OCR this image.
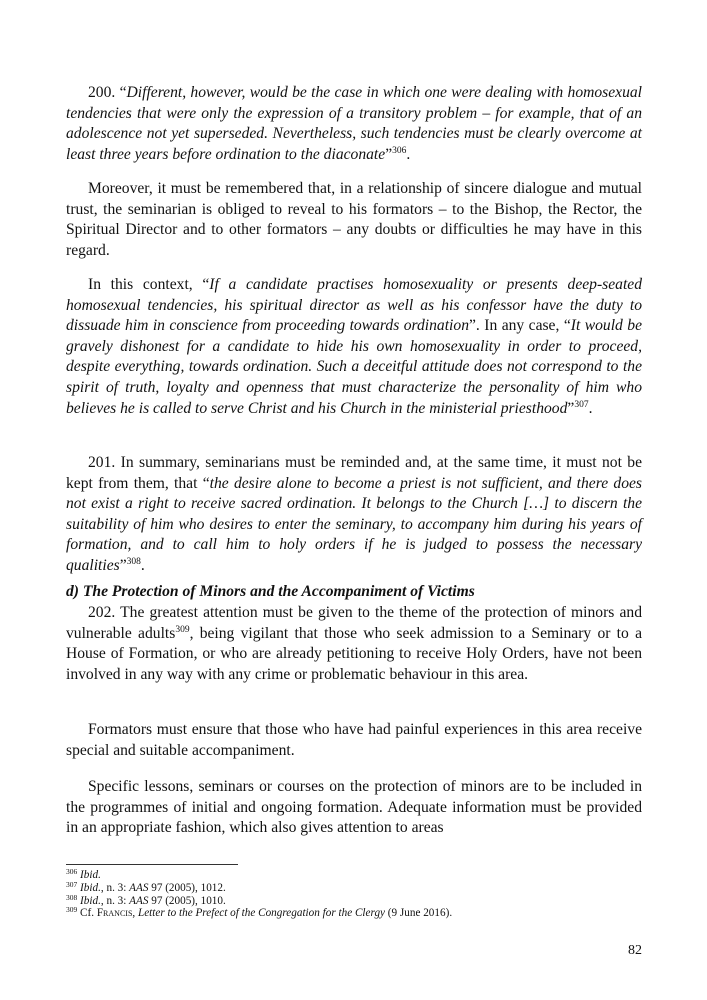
200. “Different, however, would be the case in which one were dealing with homosexual tendencies that were only the expression of a transitory problem – for example, that of an adolescence not yet superseded. Nevertheless, such tendencies must be clearly overcome at least three years before ordination to the diaconate”$^{306}$.

Moreover, it must be remembered that, in a relationship of sincere dialogue and mutual trust, the seminarian is obliged to reveal to his formators – to the Bishop, the Rector, the Spiritual Director and to other formators – any doubts or difficulties he may have in this regard.

In this context, “If a candidate practises homosexuality or presents deep-seated homosexual tendencies, his spiritual director as well as his confessor have the duty to dissuade him in conscience from proceeding towards ordination”. In any case, “It would be gravely dishonest for a candidate to hide his own homosexuality in order to proceed, despite everything, towards ordination. Such a deceitful attitude does not correspond to the spirit of truth, loyalty and openness that must characterize the personality of him who believes he is called to serve Christ and his Church in the ministerial priesthood”$^{307}$.

201. In summary, seminarians must be reminded and, at the same time, it must not be kept from them, that “the desire alone to become a priest is not sufficient, and there does not exist a right to receive sacred ordination. It belongs to the Church […] to discern the suitability of him who desires to enter the seminary, to accompany him during his years of formation, and to call him to holy orders if he is judged to possess the necessary qualities”$^{308}$.

d) The Protection of Minors and the Accompaniment of Victims

202. The greatest attention must be given to the theme of the protection of minors and vulnerable adults$^{309}$, being vigilant that those who seek admission to a Seminary or to a House of Formation, or who are already petitioning to receive Holy Orders, have not been involved in any way with any crime or problematic behaviour in this area.

Formators must ensure that those who have had painful experiences in this area receive special and suitable accompaniment.

Specific lessons, seminars or courses on the protection of minors are to be included in the programmes of initial and ongoing formation. Adequate information must be provided in an appropriate fashion, which also gives attention to areas

$^{306}$ Ibid.
$^{307}$ Ibid., n. 3: AAS 97 (2005), 1012.
$^{308}$ Ibid., n. 3: AAS 97 (2005), 1010.
$^{309}$ Cf. Francis, Letter to the Prefect of the Congregation for the Clergy (9 June 2016).
82
